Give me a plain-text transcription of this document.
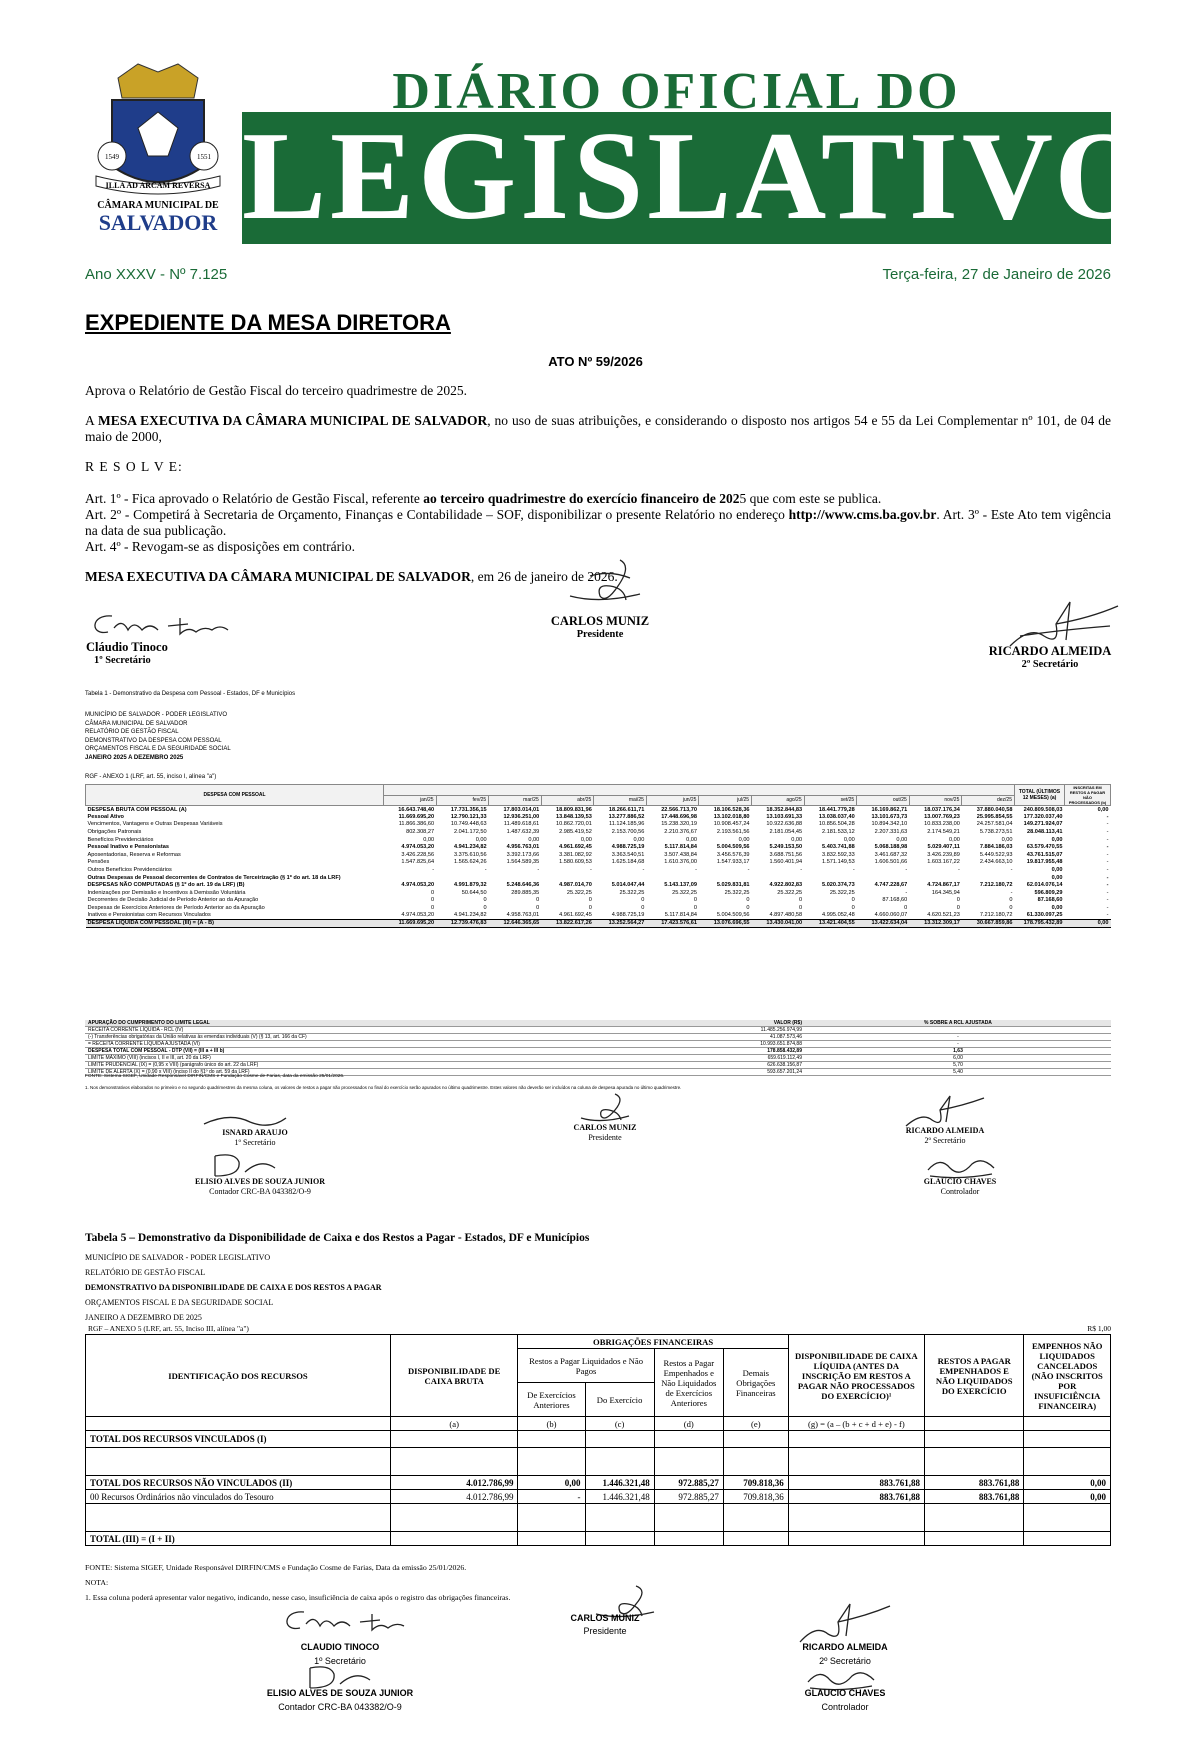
DIÁRIO OFICIAL DO
LEGISLATIVO
1549	1551
ILLA AD ARCAM REVERSA
CÂMARA MUNICIPAL DE
SALVADOR
Ano XXXV - Nº 7.125	Terça-feira, 27 de Janeiro de 2026
EXPEDIENTE DA MESA DIRETORA
ATO Nº 59/2026
Aprova o Relatório de Gestão Fiscal do terceiro quadrimestre de 2025.
A MESA EXECUTIVA DA CÂMARA MUNICIPAL DE SALVADOR, no uso de suas atribuições, e considerando o disposto nos artigos 54 e 55 da Lei Complementar nº 101, de 04 de maio de 2000,
R E S O L V E:
Art. 1º - Fica aprovado o Relatório de Gestão Fiscal, referente ao terceiro quadrimestre do exercício financeiro de 2025 que com este se publica.
Art. 2º - Competirá à Secretaria de Orçamento, Finanças e Contabilidade – SOF, disponibilizar o presente Relatório no endereço http://www.cms.ba.gov.br. Art. 3º - Este Ato tem vigência na data de sua publicação.
Art. 4º - Revogam-se as disposições em contrário.
MESA EXECUTIVA DA CÂMARA MUNICIPAL DE SALVADOR, em 26 de janeiro de 2026.
Cláudio Tinoco
1º Secretário
CARLOS MUNIZ
Presidente
RICARDO ALMEIDA
2º Secretário
Tabela 1 - Demonstrativo da Despesa com Pessoal - Estados, DF e Municípios
MUNICÍPIO DE SALVADOR - PODER LEGISLATIVO
CÂMARA MUNICIPAL DE SALVADOR
RELATÓRIO DE GESTÃO FISCAL
DEMONSTRATIVO DA DESPESA COM PESSOAL
ORÇAMENTOS FISCAL E DA SEGURIDADE SOCIAL
JANEIRO 2025 A DEZEMBRO 2025
RGF - ANEXO 1 (LRF, art. 55, inciso I, alínea "a")
DESPESA COM PESSOAL													TOTAL (ÚLTIMOS 12 MESES) (a)	INSCRITAS EM RESTOS A PAGAR NÃO PROCESSADOS (b)
	jan/25	fev/25	mar/25	abr/25	mai/25	jun/25	jul/25	ago/25	set/25	out/25	nov/25	dez/25		
DESPESA BRUTA COM PESSOAL (A)	16.643.748,40	17.731.356,15	17.803.014,01	18.809.831,96	18.266.611,71	22.566.713,70	18.106.528,36	18.352.844,83	18.441.779,28	16.169.862,71	18.037.176,34	37.880.040,58	240.809.508,03	0,00
Pessoal Ativo	11.669.695,20	12.790.121,33	12.936.251,00	13.848.139,53	13.277.886,52	17.448.696,98	13.102.018,80	13.103.691,33	13.038.037,40	13.101.673,73	13.007.769,23	25.995.854,55	177.320.037,40	-
Vencimentos, Vantagens e Outras Despesas Variáveis	11.866.386,60	10.749.448,63	11.489.618,61	10.862.720,01	11.124.185,96	15.238.320,19	10.908.457,24	10.922.636,88	10.856.504,28	10.894.342,10	10.833.238,00	24.257.581,04	149.271.924,07	-
Obrigações Patronais	802.308,27	2.041.172,50	1.487.632,39	2.985.419,52	2.153.700,56	2.210.376,67	2.193.561,56	2.181.054,45	2.181.533,12	2.207.331,63	2.174.549,21	5.738.273,51	28.048.113,41	-
Benefícios Previdenciários	0,00	0,00	0,00	0,00	0,00	0,00	0,00	0,00	0,00	0,00	0,00	0,00	0,00	-
Pessoal Inativo e Pensionistas	4.974.053,20	4.941.234,82	4.956.763,01	4.961.692,45	4.988.725,19	5.117.814,84	5.004.509,56	5.249.153,50	5.403.741,88	5.068.188,98	5.029.407,11	7.884.186,03	63.579.470,55	-
Aposentadorias, Reserva e Reformas	3.426.228,56	3.375.610,56	3.392.173,66	3.381.082,92	3.363.540,51	3.507.438,84	3.456.576,39	3.688.751,56	3.832.592,33	3.461.687,32	3.426.239,89	5.449.522,93	43.761.515,07	-
Pensões	1.547.825,64	1.565.624,26	1.564.589,35	1.580.609,53	1.625.184,68	1.610.376,00	1.547.933,17	1.560.401,94	1.571.149,53	1.606.501,66	1.603.167,22	2.434.663,10	19.817.955,48	-
Outros Benefícios Previdenciários	-	-	-	-	-	-	-	-	-	-	-	-	0,00	-
Outras Despesas de Pessoal decorrentes de Contratos de Terceirização (§ 1º do art. 18 da LRF)													0,00	-
DESPESAS NÃO COMPUTADAS (§ 1º do art. 19 da LRF) (B)	4.974.053,20	4.991.879,32	5.248.646,36	4.987.014,70	5.014.047,44	5.143.137,09	5.029.831,81	4.922.802,83	5.020.374,73	4.747.228,67	4.724.867,17	7.212.180,72	62.014.076,14	-
Indenizações por Demissão e Incentivos à Demissão Voluntária	0	50.644,50	289.885,35	25.322,25	25.322,25	25.322,25	25.322,25	25.322,25	25.322,25	-	164.345,94	-	596.809,29	-
Decorrentes de Decisão Judicial de Período Anterior ao da Apuração	0	0	0	0	0	0	0	0	0	87.168,60	0	0	87.168,60	-
Despesas de Exercícios Anteriores de Período Anterior ao da Apuração	0	0	0	0	0	0	0	0	0	0	0	0	0,00	-
Inativos e Pensionistas com Recursos Vinculados	4.974.053,20	4.941.234,82	4.958.763,01	4.961.692,45	4.988.725,19	5.117.814,84	5.004.509,56	4.897.480,58	4.995.052,48	4.660.060,07	4.620.521,23	7.212.180,72	61.330.097,25	-
DESPESA LÍQUIDA COM PESSOAL (III) = (A - B)	11.669.695,20	12.739.476,83	12.646.365,65	13.822.617,26	13.252.564,27	17.423.576,61	13.076.696,55	13.430.041,00	13.421.404,55	13.422.634,04	13.312.309,17	30.667.859,86	178.795.432,89	0,00
APURAÇÃO DO CUMPRIMENTO DO LIMITE LEGAL	VALOR (R$)	% SOBRE A RCL AJUSTADA
RECEITA CORRENTE LÍQUIDA - RCL (IV)	11.485.256.974,99	
(-) Transferências obrigatórias da União relativas às emendas individuais (V) (§ 13, art. 166 da CF)	41.087.573,46	-
= RECEITA CORRENTE LÍQUIDA AJUSTADA (VI)	10.993.651.874,88	-
DESPESA TOTAL COM PESSOAL - DTP (VII) = (III a + III b)	178.858.432,89	1,63
LIMITE MÁXIMO (VIII) (incisos I, II e III, art. 20 da LRF)	659.619.112,49	6,00
LIMITE PRUDENCIAL (IX) = (0,95 x VIII) (parágrafo único do art. 22 da LRF)	626.638.156,87	5,70
LIMITE DE ALERTA (X) = (0,90 x VIII) (inciso II do §1º do art. 59 da LRF)	593.657.201,24	5,40
FONTE: Sistema SIGEF, Unidade Responsável DIRFIN/CMS e Fundação Cosme de Farias, data da emissão 25/01/2026.
1. Nos demonstrativos elaborados no primeiro e no segundo quadrimestres da mesma coluna, os valores de restos a pagar não processados no final do exercício serão apurados no último quadrimestre. Estes valores não deverão ser incluídos na coluna de despesa apurada no último quadrimestre.
CARLOS MUNIZ
Presidente
ISNARD ARAUJO
1º Secretário
RICARDO ALMEIDA
2º Secretário
ELISIO ALVES DE SOUZA JUNIOR
Contador CRC-BA 043382/O-9
GLAUCIO CHAVES
Controlador
Tabela 5 – Demonstrativo da Disponibilidade de Caixa e dos Restos a Pagar - Estados, DF e Municípios
MUNICÍPIO DE SALVADOR - PODER LEGISLATIVO
RELATÓRIO DE GESTÃO FISCAL
DEMONSTRATIVO DA DISPONIBILIDADE DE CAIXA E DOS RESTOS A PAGAR
ORÇAMENTOS FISCAL E DA SEGURIDADE SOCIAL
JANEIRO A DEZEMBRO DE 2025
RGF – ANEXO 5 (LRF, art. 55, Inciso III, alínea "a")	R$ 1,00
IDENTIFICAÇÃO DOS RECURSOS	DISPONIBILIDADE DE CAIXA BRUTA	OBRIGAÇÕES FINANCEIRAS				DISPONIBILIDADE DE CAIXA LÍQUIDA (ANTES DA INSCRIÇÃO EM RESTOS A PAGAR NÃO PROCESSADOS DO EXERCÍCIO)¹	RESTOS A PAGAR EMPENHADOS E NÃO LIQUIDADOS DO EXERCÍCIO	EMPENHOS NÃO LIQUIDADOS CANCELADOS (NÃO INSCRITOS POR INSUFICIÊNCIA FINANCEIRA)
		Restos a Pagar Liquidados e Não Pagos		Restos a Pagar Empenhados e Não Liquidados de Exercícios Anteriores	Demais Obrigações Financeiras			
		De Exercícios Anteriores	Do Exercício					
	(a)	(b)	(c)	(d)	(e)	(g) = (a – (b + c + d + e) - f)		
TOTAL DOS RECURSOS VINCULADOS (I)								

TOTAL DOS RECURSOS NÃO VINCULADOS (II)	4.012.786,99	0,00	1.446.321,48	972.885,27	709.818,36	883.761,88	883.761,88	0,00
00 Recursos Ordinários não vinculados do Tesouro	4.012.786,99	-	1.446.321,48	972.885,27	709.818,36	883.761,88	883.761,88	0,00

TOTAL (III) = (I + II)								
FONTE: Sistema SIGEF, Unidade Responsável DIRFIN/CMS e Fundação Cosme de Farias, Data da emissão 25/01/2026.
NOTA:
1. Essa coluna poderá apresentar valor negativo, indicando, nesse caso, insuficiência de caixa após o registro das obrigações financeiras.
CARLOS MUNIZ
Presidente
CLAUDIO TINOCO
1º Secretário
RICARDO ALMEIDA
2º Secretário
ELISIO ALVES DE SOUZA JUNIOR
Contador CRC-BA 043382/O-9
GLAUCIO CHAVES
Controlador
